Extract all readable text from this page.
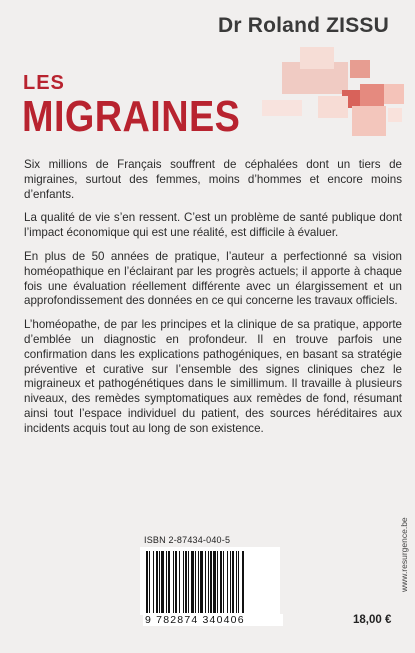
Dr Roland ZISSU
LES
MIGRAINES

Six millions de Français souffrent de céphalées dont un tiers de migraines, surtout des femmes, moins d’hommes et encore moins d’enfants.

La qualité de vie s’en ressent. C’est un problème de santé publique dont l’impact économique qui est une réalité, est difficile à évaluer.

En plus de 50 années de pratique, l’auteur a perfectionné sa vision homéopathique en l’éclairant par les progrès actuels; il apporte à chaque fois une évaluation réellement différente avec un élargissement et un approfondissement des données en ce qui concerne les travaux officiels.

L’homéopathe, de par les principes et la clinique de sa pratique, apporte d’emblée un diagnostic en profondeur. Il en trouve parfois une confirmation dans les explications pathogéniques, en basant sa stratégie préventive et curative sur l’ensemble des signes cliniques chez le migraineux et pathogénétiques dans le simillimum. Il travaille à plusieurs niveaux, des remèdes symptomatiques aux remèdes de fond, résumant ainsi tout l’espace individuel du patient, des sources héréditaires aux incidents acquis tout au long de son existence.

ISBN 2-87434-040-5
9 782874 340406	18,00 €
www.resurgence.be
